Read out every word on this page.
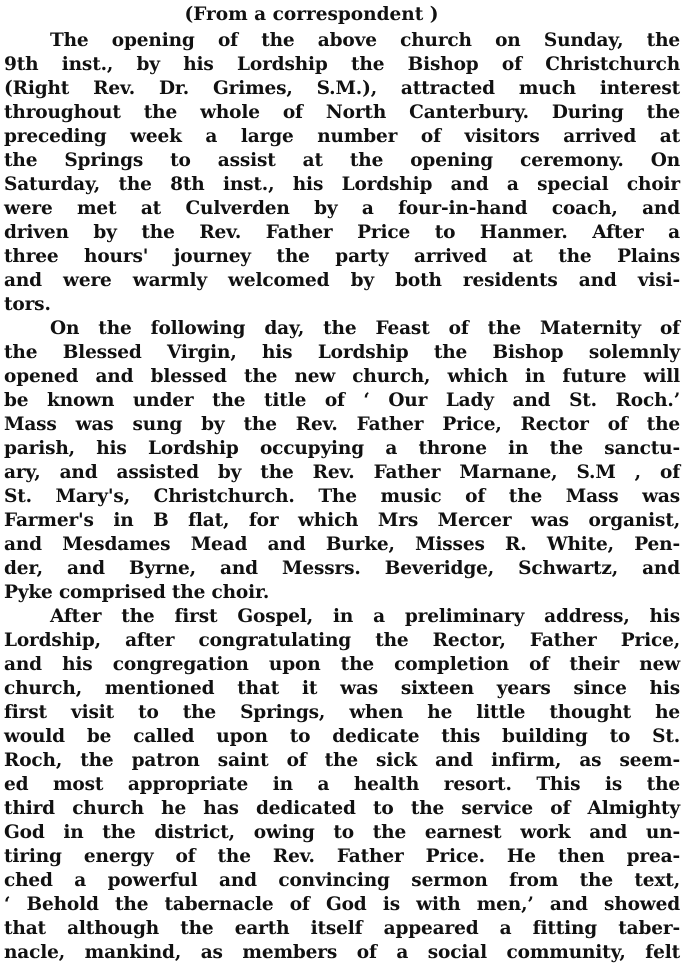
(From a correspondent )
The opening of the above church on Sunday, the
9th inst., by his Lordship the Bishop of Christchurch
(Right Rev. Dr. Grimes, S.M.), attracted much interest
throughout the whole of North Canterbury. During the
preceding week a large number of visitors arrived at
the Springs to assist at the opening ceremony. On
Saturday, the 8th inst., his Lordship and a special choir
were met at Culverden by a four-in-hand coach, and
driven by the Rev. Father Price to Hanmer. After a
three hours' journey the party arrived at the Plains
and were warmly welcomed by both residents and visi-
tors.
On the following day, the Feast of the Maternity of
the Blessed Virgin, his Lordship the Bishop solemnly
opened and blessed the new church, which in future will
be known under the title of ‘ Our Lady and St. Roch.’
Mass was sung by the Rev. Father Price, Rector of the
parish, his Lordship occupying a throne in the sanctu-
ary, and assisted by the Rev. Father Marnane, S.M , of
St. Mary's, Christchurch. The music of the Mass was
Farmer's in B flat, for which Mrs Mercer was organist,
and Mesdames Mead and Burke, Misses R. White, Pen-
der, and Byrne, and Messrs. Beveridge, Schwartz, and
Pyke comprised the choir.
After the first Gospel, in a preliminary address, his
Lordship, after congratulating the Rector, Father Price,
and his congregation upon the completion of their new
church, mentioned that it was sixteen years since his
first visit to the Springs, when he little thought he
would be called upon to dedicate this building to St.
Roch, the patron saint of the sick and infirm, as seem-
ed most appropriate in a health resort. This is the
third church he has dedicated to the service of Almighty
God in the district, owing to the earnest work and un-
tiring energy of the Rev. Father Price. He then prea-
ched a powerful and convincing sermon from the text,
‘ Behold the tabernacle of God is with men,’ and showed
that although the earth itself appeared a fitting taber-
nacle, mankind, as members of a social community, felt
